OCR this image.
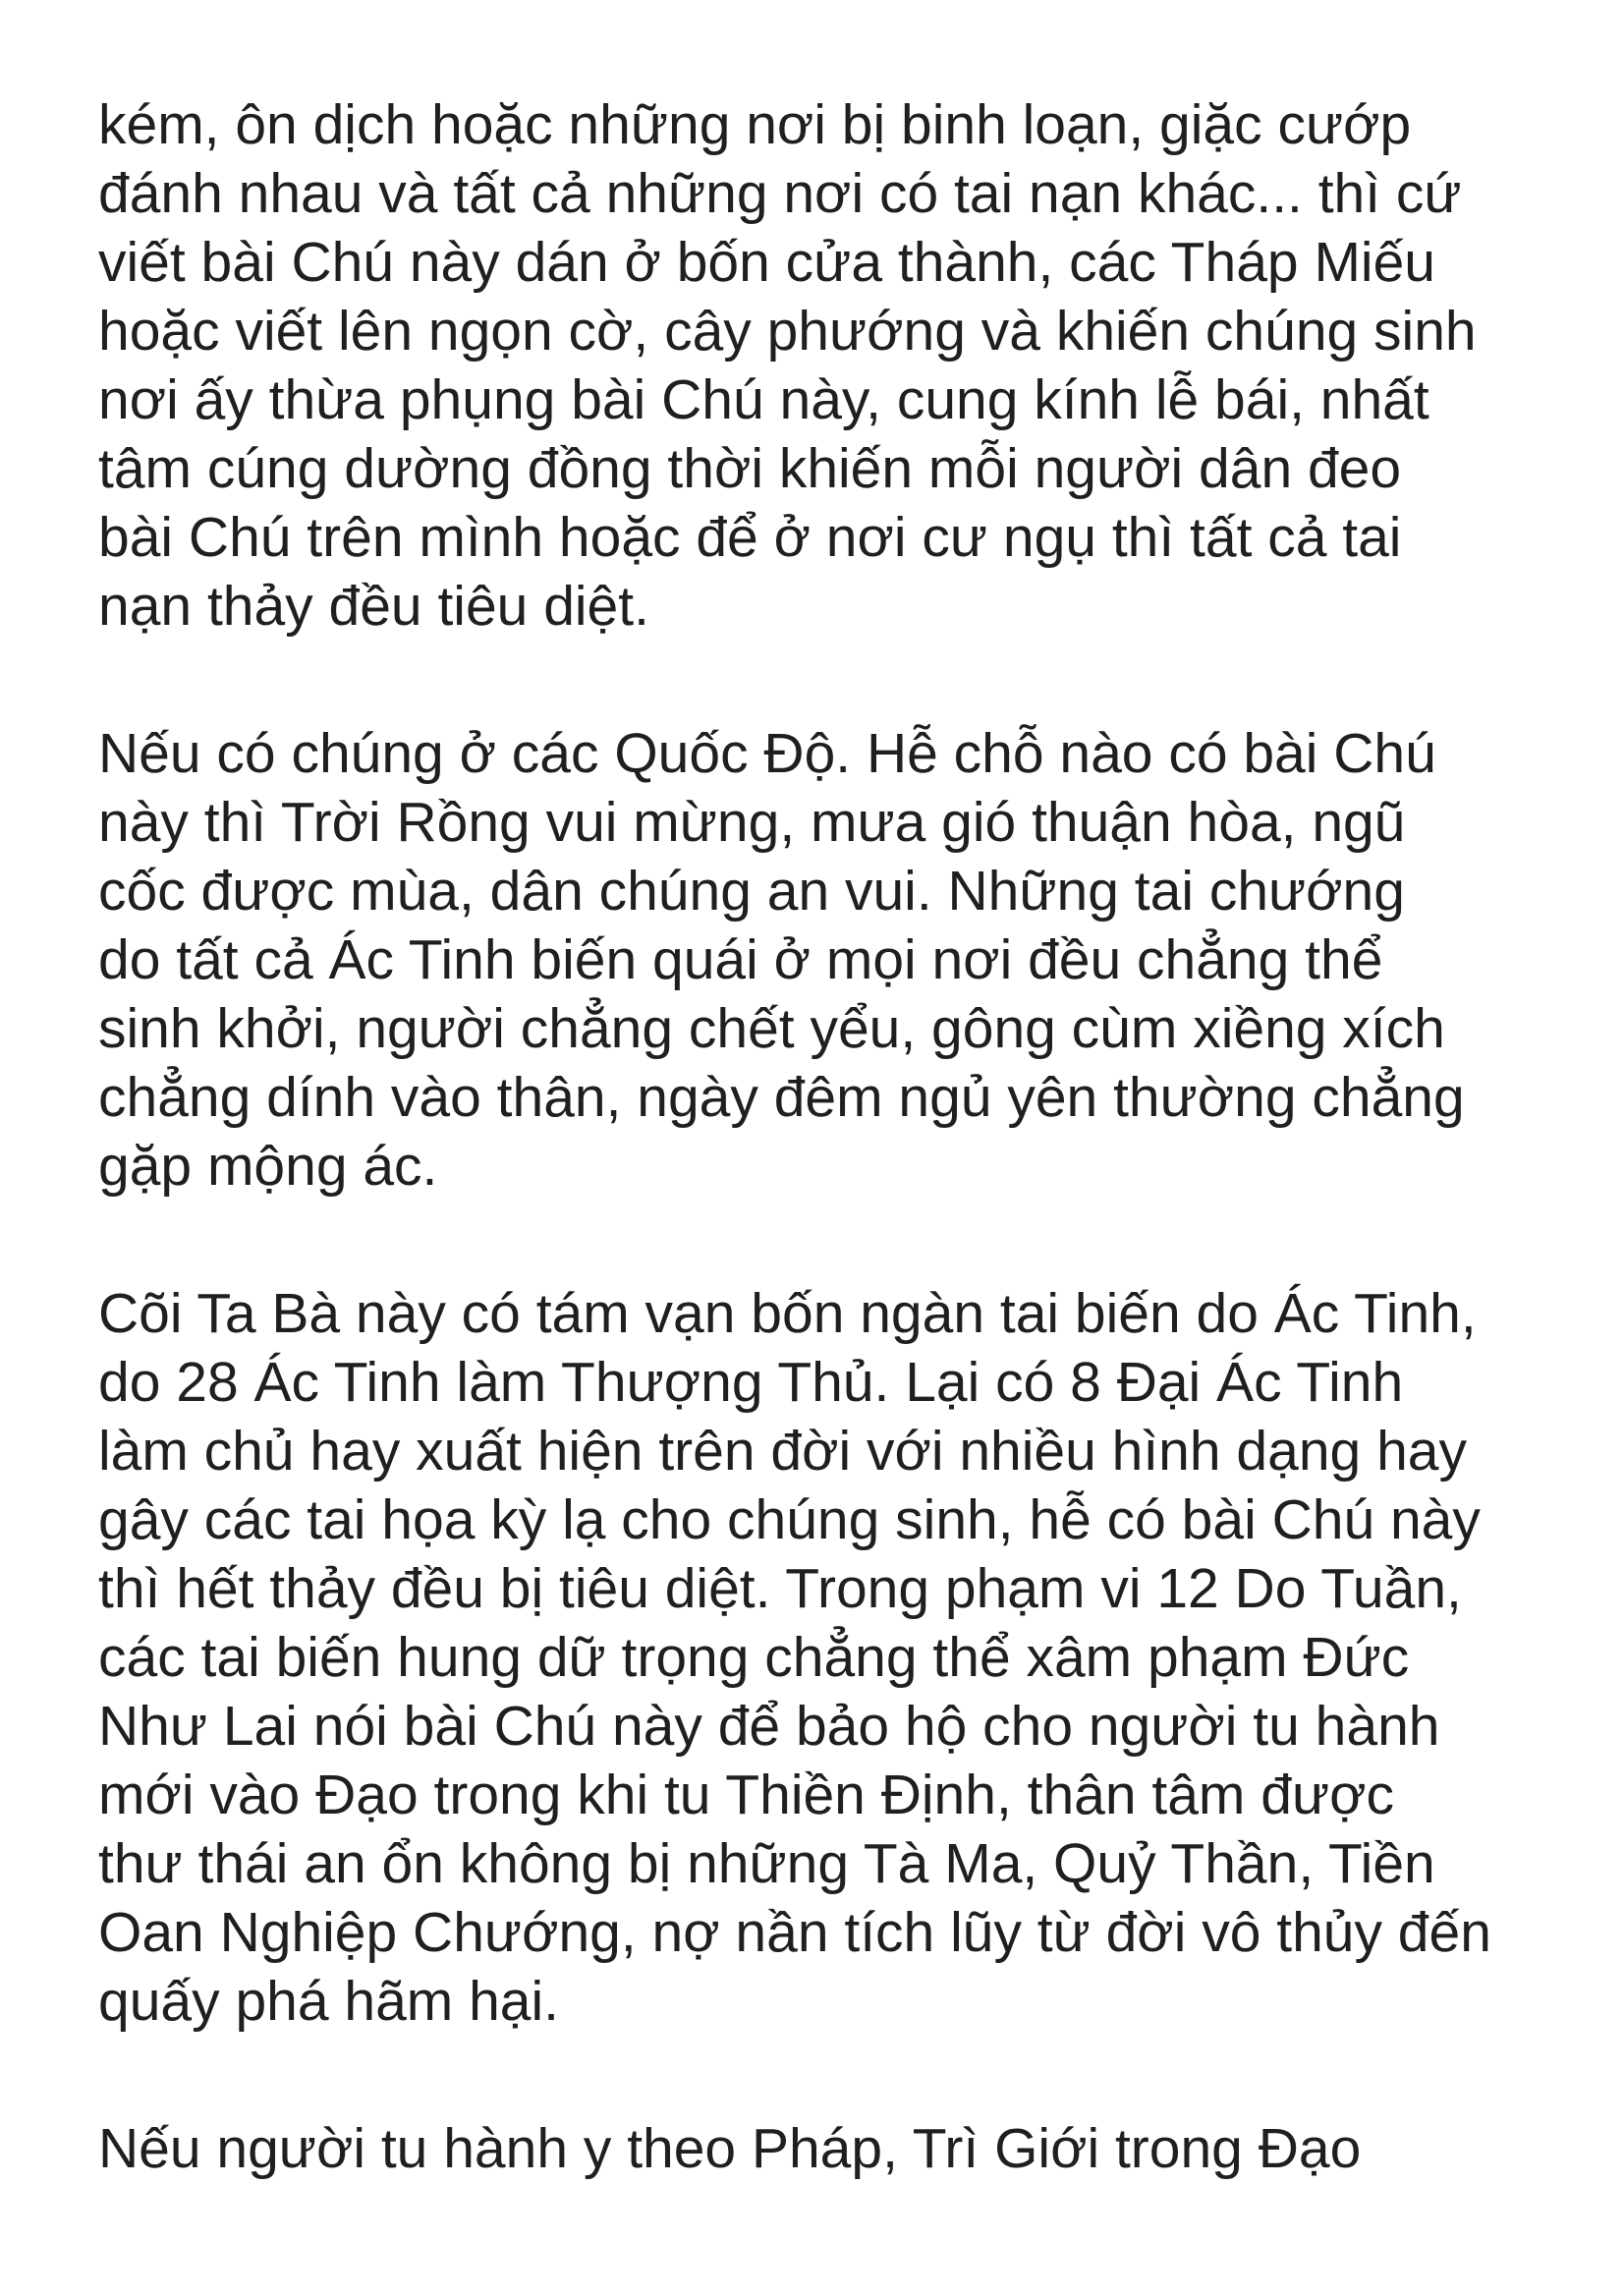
kém, ôn dịch hoặc những nơi bị binh loạn, giặc cướp
đánh nhau và tất cả những nơi có tai nạn khác... thì cứ
viết bài Chú này dán ở bốn cửa thành, các Tháp Miếu
hoặc viết lên ngọn cờ, cây phướng và khiến chúng sinh
nơi ấy thừa phụng bài Chú này, cung kính lễ bái, nhất
tâm cúng dường đồng thời khiến mỗi người dân đeo
bài Chú trên mình hoặc để ở nơi cư ngụ thì tất cả tai
nạn thảy đều tiêu diệt.
Nếu có chúng ở các Quốc Độ. Hễ chỗ nào có bài Chú
này thì Trời Rồng vui mừng, mưa gió thuận hòa, ngũ
cốc được mùa, dân chúng an vui. Những tai chướng
do tất cả Ác Tinh biến quái ở mọi nơi đều chẳng thể
sinh khởi, người chẳng chết yểu, gông cùm xiềng xích
chẳng dính vào thân, ngày đêm ngủ yên thường chẳng
gặp mộng ác.
Cõi Ta Bà này có tám vạn bốn ngàn tai biến do Ác Tinh,
do 28 Ác Tinh làm Thượng Thủ. Lại có 8 Đại Ác Tinh
làm chủ hay xuất hiện trên đời với nhiều hình dạng hay
gây các tai họa kỳ lạ cho chúng sinh, hễ có bài Chú này
thì hết thảy đều bị tiêu diệt. Trong phạm vi 12 Do Tuần,
các tai biến hung dữ trọng chẳng thể xâm phạm Đức
Như Lai nói bài Chú này để bảo hộ cho người tu hành
mới vào Đạo trong khi tu Thiền Định, thân tâm được
thư thái an ổn không bị những Tà Ma, Quỷ Thần, Tiền
Oan Nghiệp Chướng, nợ nần tích lũy từ đời vô thủy đến
quấy phá hãm hại.
Nếu người tu hành y theo Pháp, Trì Giới trong Đạo
